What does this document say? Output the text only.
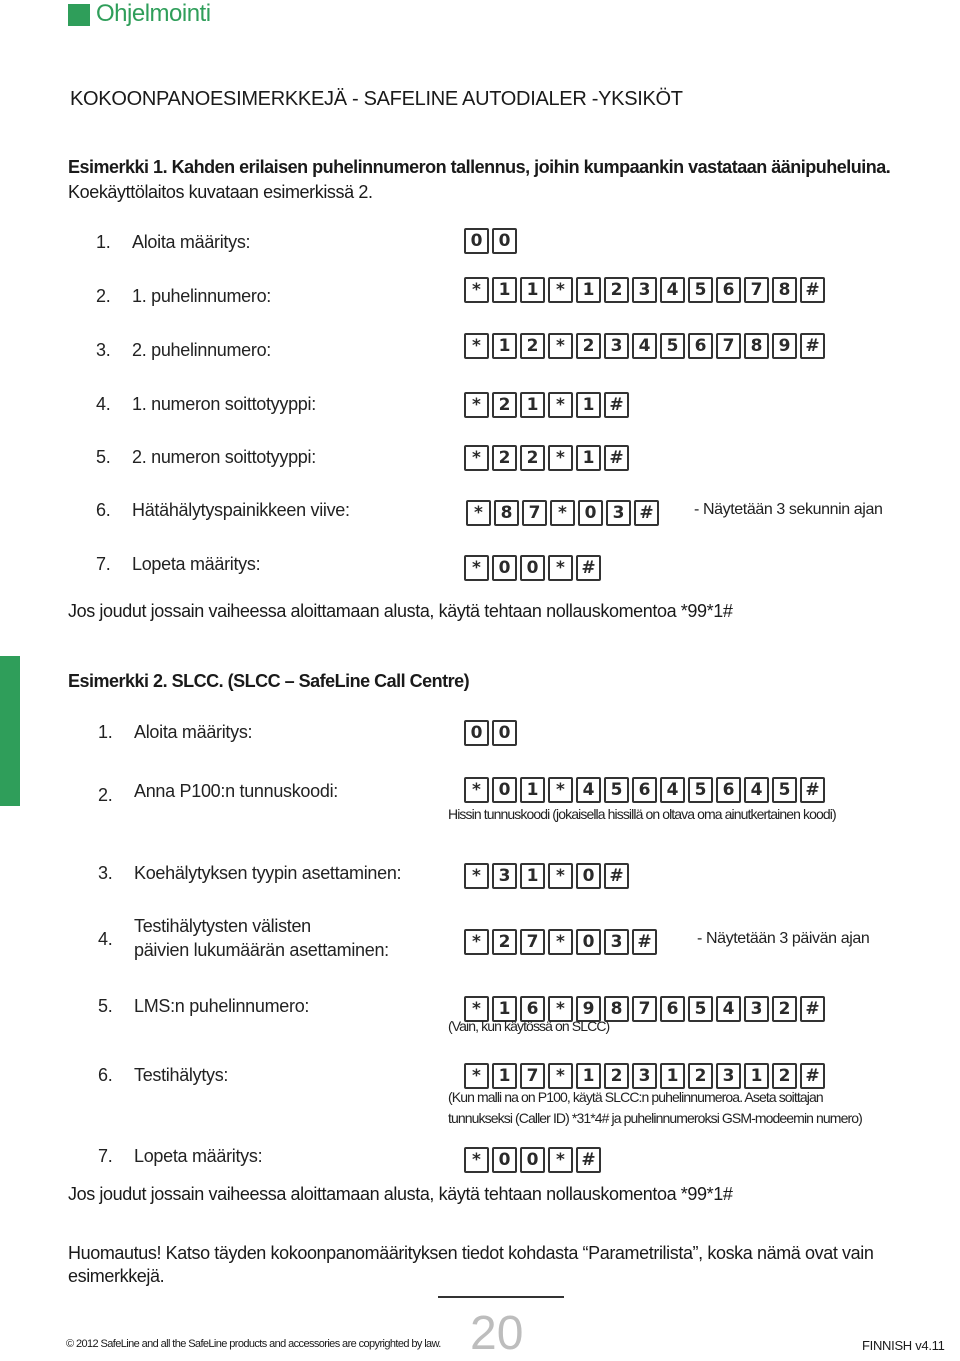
Ohjelmointi
KOKOONPANOESIMERKKEJÄ - SAFELINE AUTODIALER -YKSIKÖT
Esimerkki 1. Kahden erilaisen puhelinnumeron tallennus, joihin kumpaankin vastataan äänipuheluina.
Koekäyttölaitos kuvataan esimerkissä 2.
1. Aloita määritys:	0 0
2. 1. puhelinnumero:	*	1 1	*	1 2 3 4 5 6 7 8 #
3. 2. puhelinnumero:	*	1 2	*	2 3 4 5 6 7 8 9 #
4. 1. numeron soittotyyppi:	*	2 1	*	1 #
5. 2. numeron soittotyyppi:	*	2 2	*	1 #
6. Hätähälytyspainikkeen viive:	*	8 7	*	0 3 #	- Näytetään 3 sekunnin ajan
7. Lopeta määritys:	*	0 0	* #
Jos joudut jossain vaiheessa aloittamaan alusta, käytä tehtaan nollauskomentoa *99*1#
Esimerkki 2. SLCC. (SLCC – SafeLine Call Centre)
1. Aloita määritys:	0 0
2. Anna P100:n tunnuskoodi:	*	0 1	*	4 5 6 4 5 6 4 5 #
Hissin tunnuskoodi (jokaisella hissillä on oltava oma ainutkertainen koodi)
3. Koehälytyksen tyypin asettaminen:	*	3 1	*	0 #
4.
Testihälytysten välisten
päivien lukumäärän asettaminen:	*	2 7	*	0 3 #	- Näytetään 3 päivän ajan
5. LMS:n puhelinnumero:	*	1 6	*	9 8 7 6 5 4 3 2 #
(Vain, kun käytössä on SLCC)
6. Testihälytys:	*	1 7	*	1 2 3 1 2 3 1 2 #
(Kun malli na on P100, käytä SLCC:n puhelinnumeroa. Aseta soittajan
tunnukseksi (Caller ID) *31*4# ja puhelinnumeroksi GSM-modeemin numero)
7. Lopeta määritys:	*	0 0	* #
Jos joudut jossain vaiheessa aloittamaan alusta, käytä tehtaan nollauskomentoa *99*1#
Huomautus! Katso täyden kokoonpanomäärityksen tiedot kohdasta “Parametrilista”, koska nämä ovat vain
esimerkkejä.
20
© 2012 SafeLine and all the SafeLine products and accessories are copyrighted by law.	FINNISH v4.11
